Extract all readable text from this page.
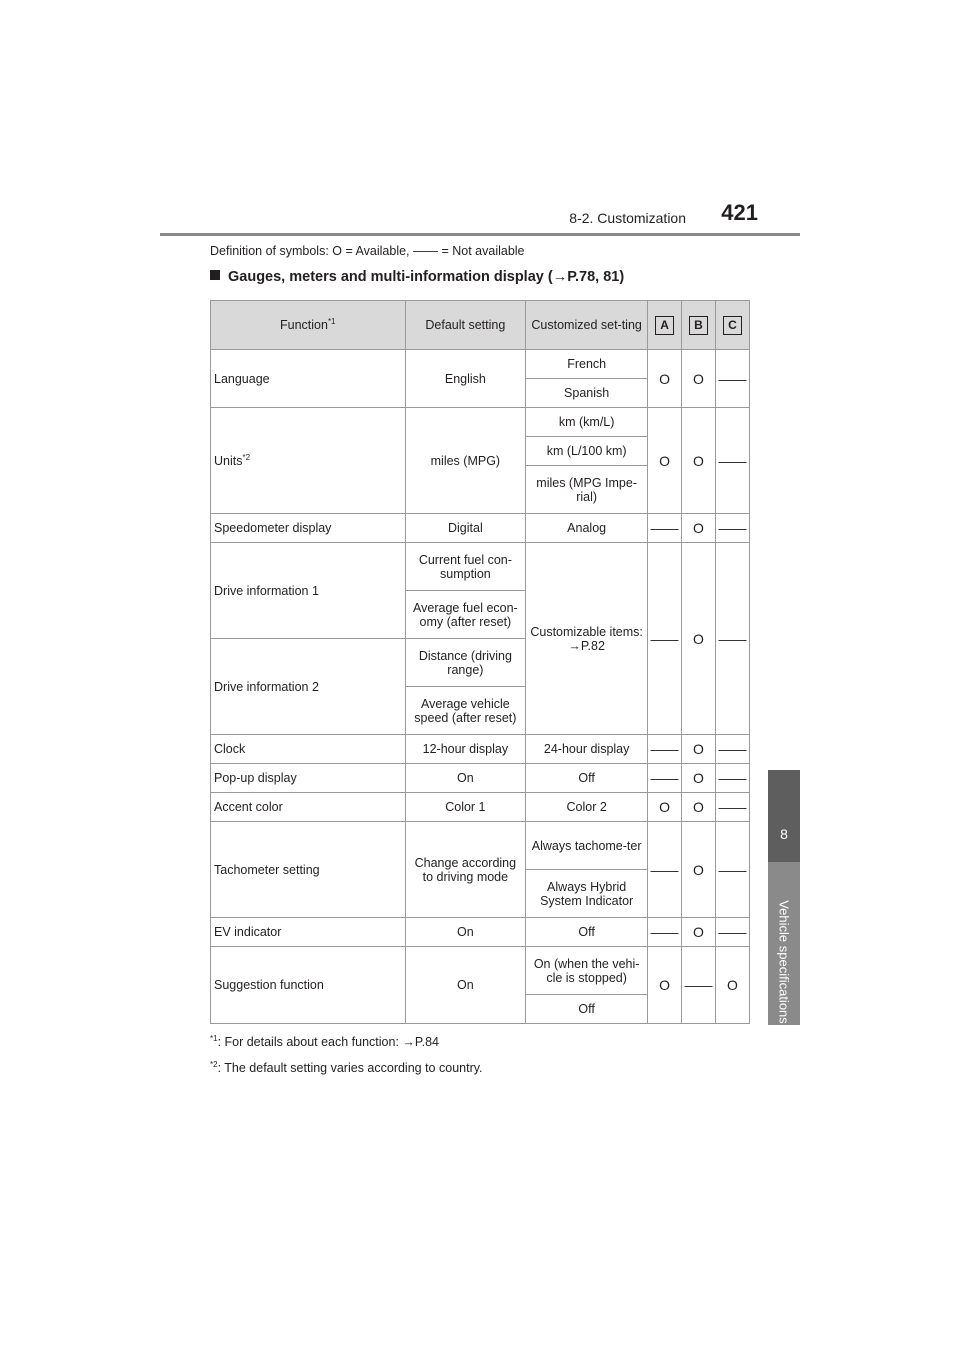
8-2. Customization 421
Vehicle specifications
8
Definition of symbols: O = Available, —— = Not available
Gauges, meters and multi-information display (→P.78, 81)
Function$^{*1}$	Default setting	Customized set-ting	A	B	C
Language	English	French	O	O	——
		Spanish			
Units$^{*2}$	miles (MPG)	km (km/L)	O	O	——
		km (L/100 km)			
		miles (MPG Impe-rial)			
Speedometer display	Digital	Analog	——	O	——
Drive information 1	Current fuel con-sumption	Customizable items: →P.82	——	O	——
	Average fuel econ-omy (after reset)				
Drive information 2	Distance (driving range)				
	Average vehicle speed (after reset)				
Clock	12-hour display	24-hour display	——	O	——
Pop-up display	On	Off	——	O	——
Accent color	Color 1	Color 2	O	O	——
Tachometer setting	Change according to driving mode	Always tachome-ter	——	O	——
		Always Hybrid System Indicator			
EV indicator	On	Off	——	O	——
Suggestion function	On	On (when the vehi-cle is stopped)	O	——	O
		Off			
$^{*1}$: For details about each function: →P.84
$^{*2}$: The default setting varies according to country.
